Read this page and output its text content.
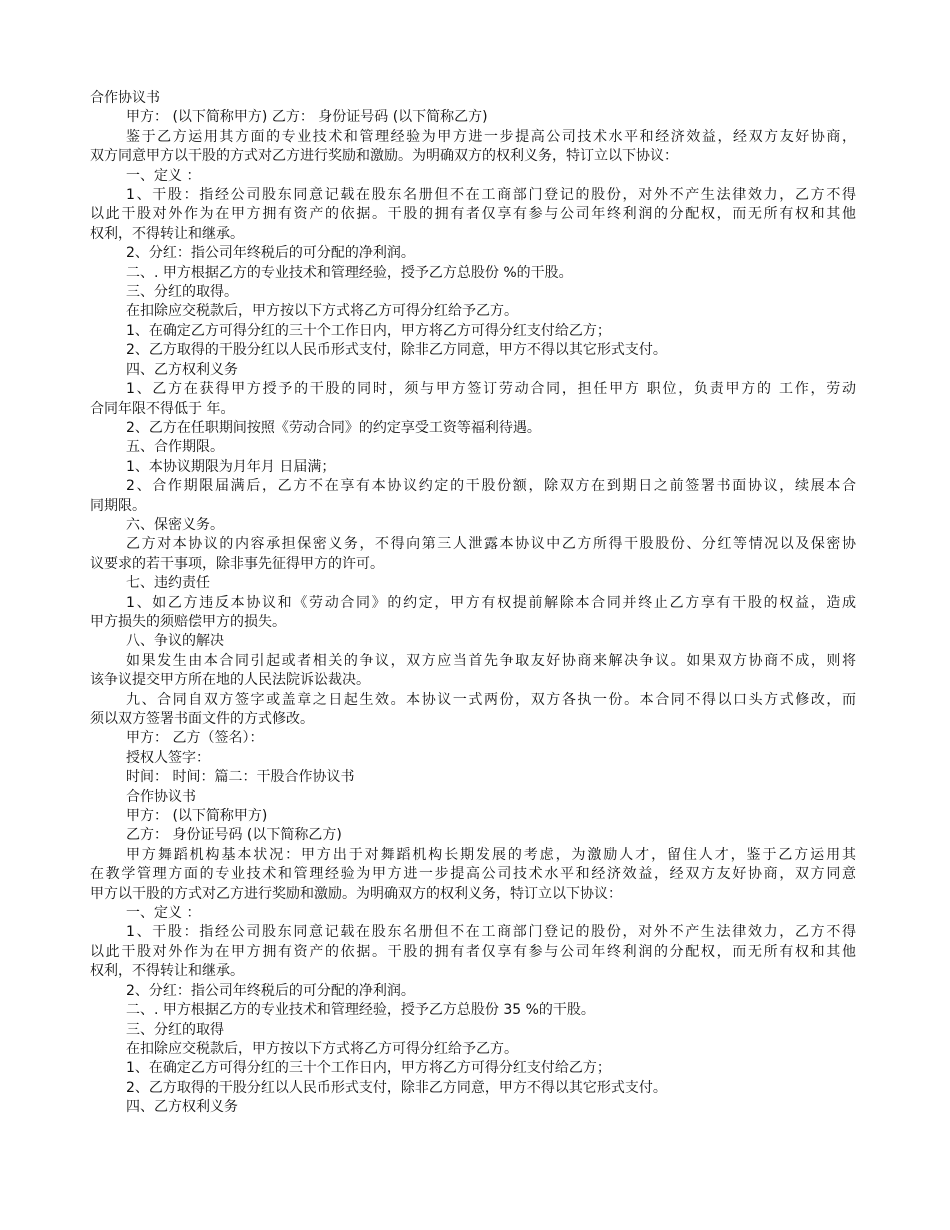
合作协议书

甲方： (以下简称甲方) 乙方： 身份证号码 (以下简称乙方)

鉴于乙方运用其方面的专业技术和管理经验为甲方进一步提高公司技术水平和经济效益，经双方友好协商，

双方同意甲方以干股的方式对乙方进行奖励和激励。为明确双方的权利义务，特订立以下协议：

一、定义 ：

1、干股：指经公司股东同意记载在股东名册但不在工商部门登记的股份，对外不产生法律效力，乙方不得

以此干股对外作为在甲方拥有资产的依据。干股的拥有者仅享有参与公司年终利润的分配权，而无所有权和其他

权利，不得转让和继承。

2、分红：指公司年终税后的可分配的净利润。

二、. 甲方根据乙方的专业技术和管理经验，授予乙方总股份 %的干股。

三、分红的取得。

在扣除应交税款后，甲方按以下方式将乙方可得分红给予乙方。

1、在确定乙方可得分红的三十个工作日内，甲方将乙方可得分红支付给乙方；

2、乙方取得的干股分红以人民币形式支付，除非乙方同意，甲方不得以其它形式支付。

四、乙方权利义务

1、乙方在获得甲方授予的干股的同时，须与甲方签订劳动合同，担任甲方 职位，负责甲方的 工作，劳动

合同年限不得低于 年。

2、乙方在任职期间按照《劳动合同》的约定享受工资等福利待遇。

五、合作期限。

1、本协议期限为月年月 日届满；

2、合作期限届满后，乙方不在享有本协议约定的干股份额，除双方在到期日之前签署书面协议，续展本合

同期限。

六、保密义务。

乙方对本协议的内容承担保密义务，不得向第三人泄露本协议中乙方所得干股股份、分红等情况以及保密协

议要求的若干事项，除非事先征得甲方的许可。

七、违约责任

1、如乙方违反本协议和《劳动合同》的约定，甲方有权提前解除本合同并终止乙方享有干股的权益，造成

甲方损失的须赔偿甲方的损失。

八、争议的解决

如果发生由本合同引起或者相关的争议，双方应当首先争取友好协商来解决争议。如果双方协商不成，则将

该争议提交甲方所在地的人民法院诉讼裁决。

九、合同自双方签字或盖章之日起生效。本协议一式两份，双方各执一份。本合同不得以口头方式修改，而

须以双方签署书面文件的方式修改。

甲方： 乙方（签名）：

授权人签字：

时间： 时间：篇二：干股合作协议书

合作协议书

甲方： (以下简称甲方)

乙方： 身份证号码 (以下简称乙方)

甲方舞蹈机构基本状况：甲方出于对舞蹈机构长期发展的考虑，为激励人才，留住人才，鉴于乙方运用其

在教学管理方面的专业技术和管理经验为甲方进一步提高公司技术水平和经济效益，经双方友好协商，双方同意

甲方以干股的方式对乙方进行奖励和激励。为明确双方的权利义务，特订立以下协议：

一、定义 ：

1、干股：指经公司股东同意记载在股东名册但不在工商部门登记的股份，对外不产生法律效力，乙方不得

以此干股对外作为在甲方拥有资产的依据。干股的拥有者仅享有参与公司年终利润的分配权，而无所有权和其他

权利，不得转让和继承。

2、分红：指公司年终税后的可分配的净利润。

二、. 甲方根据乙方的专业技术和管理经验，授予乙方总股份 35 %的干股。

三、分红的取得

在扣除应交税款后，甲方按以下方式将乙方可得分红给予乙方。

1、在确定乙方可得分红的三十个工作日内，甲方将乙方可得分红支付给乙方；

2、乙方取得的干股分红以人民币形式支付，除非乙方同意，甲方不得以其它形式支付。

四、乙方权利义务
